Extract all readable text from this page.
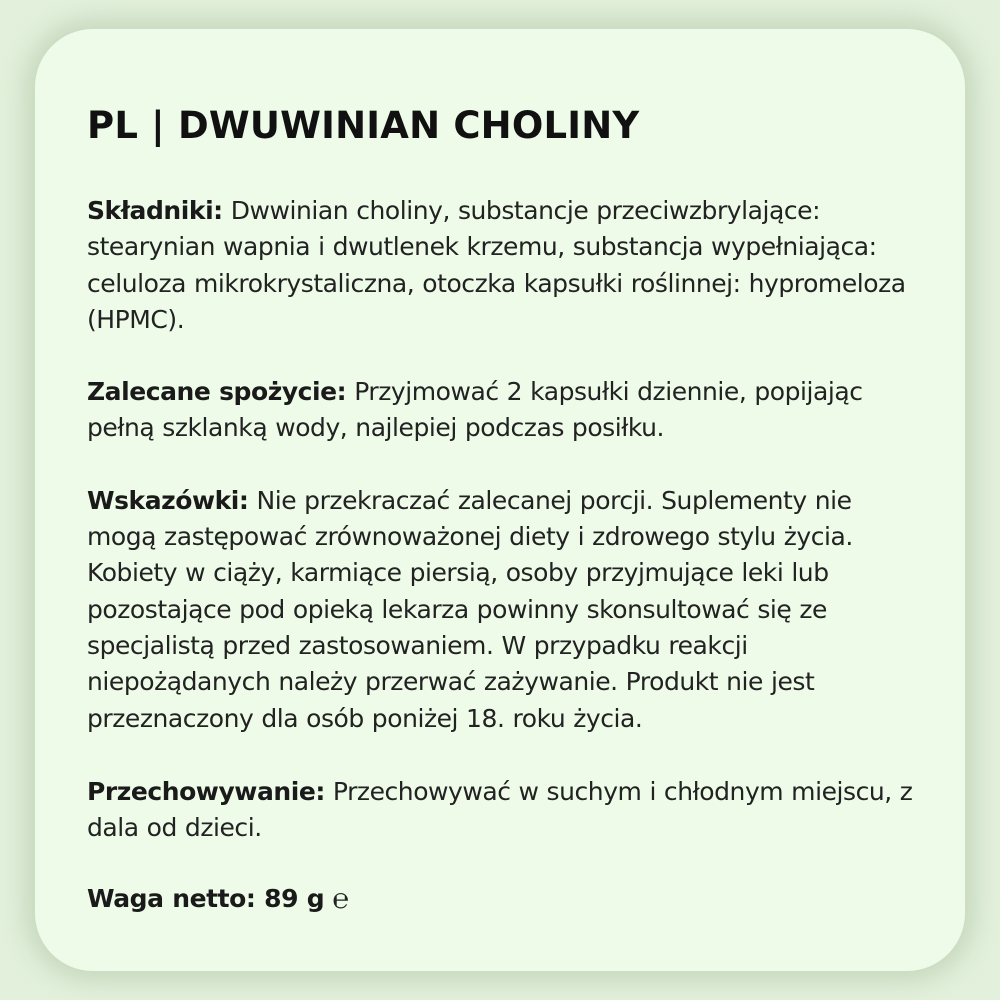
PL | DWUWINIAN CHOLINY

Składniki: Dwwinian choliny, substancje przeciwzbrylające: stearynian wapnia i dwutlenek krzemu, substancja wypełniająca: celuloza mikrokrystaliczna, otoczka kapsułki roślinnej: hypromeloza (HPMC).

Zalecane spożycie: Przyjmować 2 kapsułki dziennie, popijając pełną szklanką wody, najlepiej podczas posiłku.

Wskazówki: Nie przekraczać zalecanej porcji. Suplementy nie mogą zastępować zrównoważonej diety i zdrowego stylu życia. Kobiety w ciąży, karmiące piersią, osoby przyjmujące leki lub pozostające pod opieką lekarza powinny skonsultować się ze specjalistą przed zastosowaniem. W przypadku reakcji niepożądanych należy przerwać zażywanie. Produkt nie jest przeznaczony dla osób poniżej 18. roku życia.

Przechowywanie: Przechowywać w suchym i chłodnym miejscu, z dala od dzieci.

Waga netto: 89 g ℮
